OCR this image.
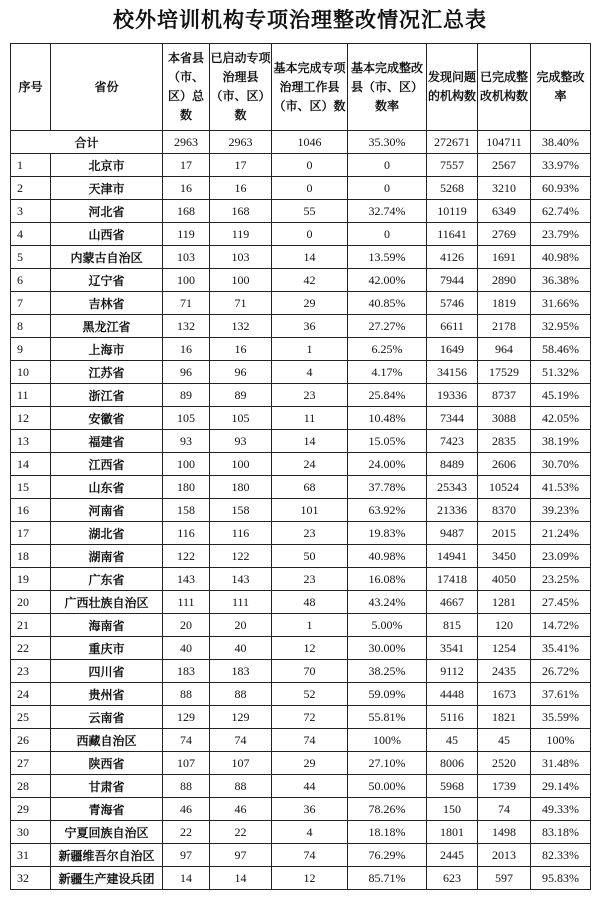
校外培训机构专项治理整改情况汇总表
序号	省份	本省县（市、区）总数	已启动专项治理县（市、区）数	基本完成专项治理工作县（市、区）数	基本完成整改县（市、区）数率	发现问题的机构数	已完成整改机构数	完成整改率
合计		2963	2963	1046	35.30%	272671	104711	38.40%
1	北京市	17	17	0	0	7557	2567	33.97%
2	天津市	16	16	0	0	5268	3210	60.93%
3	河北省	168	168	55	32.74%	10119	6349	62.74%
4	山西省	119	119	0	0	11641	2769	23.79%
5	内蒙古自治区	103	103	14	13.59%	4126	1691	40.98%
6	辽宁省	100	100	42	42.00%	7944	2890	36.38%
7	吉林省	71	71	29	40.85%	5746	1819	31.66%
8	黑龙江省	132	132	36	27.27%	6611	2178	32.95%
9	上海市	16	16	1	6.25%	1649	964	58.46%
10	江苏省	96	96	4	4.17%	34156	17529	51.32%
11	浙江省	89	89	23	25.84%	19336	8737	45.19%
12	安徽省	105	105	11	10.48%	7344	3088	42.05%
13	福建省	93	93	14	15.05%	7423	2835	38.19%
14	江西省	100	100	24	24.00%	8489	2606	30.70%
15	山东省	180	180	68	37.78%	25343	10524	41.53%
16	河南省	158	158	101	63.92%	21336	8370	39.23%
17	湖北省	116	116	23	19.83%	9487	2015	21.24%
18	湖南省	122	122	50	40.98%	14941	3450	23.09%
19	广东省	143	143	23	16.08%	17418	4050	23.25%
20	广西壮族自治区	111	111	48	43.24%	4667	1281	27.45%
21	海南省	20	20	1	5.00%	815	120	14.72%
22	重庆市	40	40	12	30.00%	3541	1254	35.41%
23	四川省	183	183	70	38.25%	9112	2435	26.72%
24	贵州省	88	88	52	59.09%	4448	1673	37.61%
25	云南省	129	129	72	55.81%	5116	1821	35.59%
26	西藏自治区	74	74	74	100%	45	45	100%
27	陕西省	107	107	29	27.10%	8006	2520	31.48%
28	甘肃省	88	88	44	50.00%	5968	1739	29.14%
29	青海省	46	46	36	78.26%	150	74	49.33%
30	宁夏回族自治区	22	22	4	18.18%	1801	1498	83.18%
31	新疆维吾尔自治区	97	97	74	76.29%	2445	2013	82.33%
32	新疆生产建设兵团	14	14	12	85.71%	623	597	95.83%
